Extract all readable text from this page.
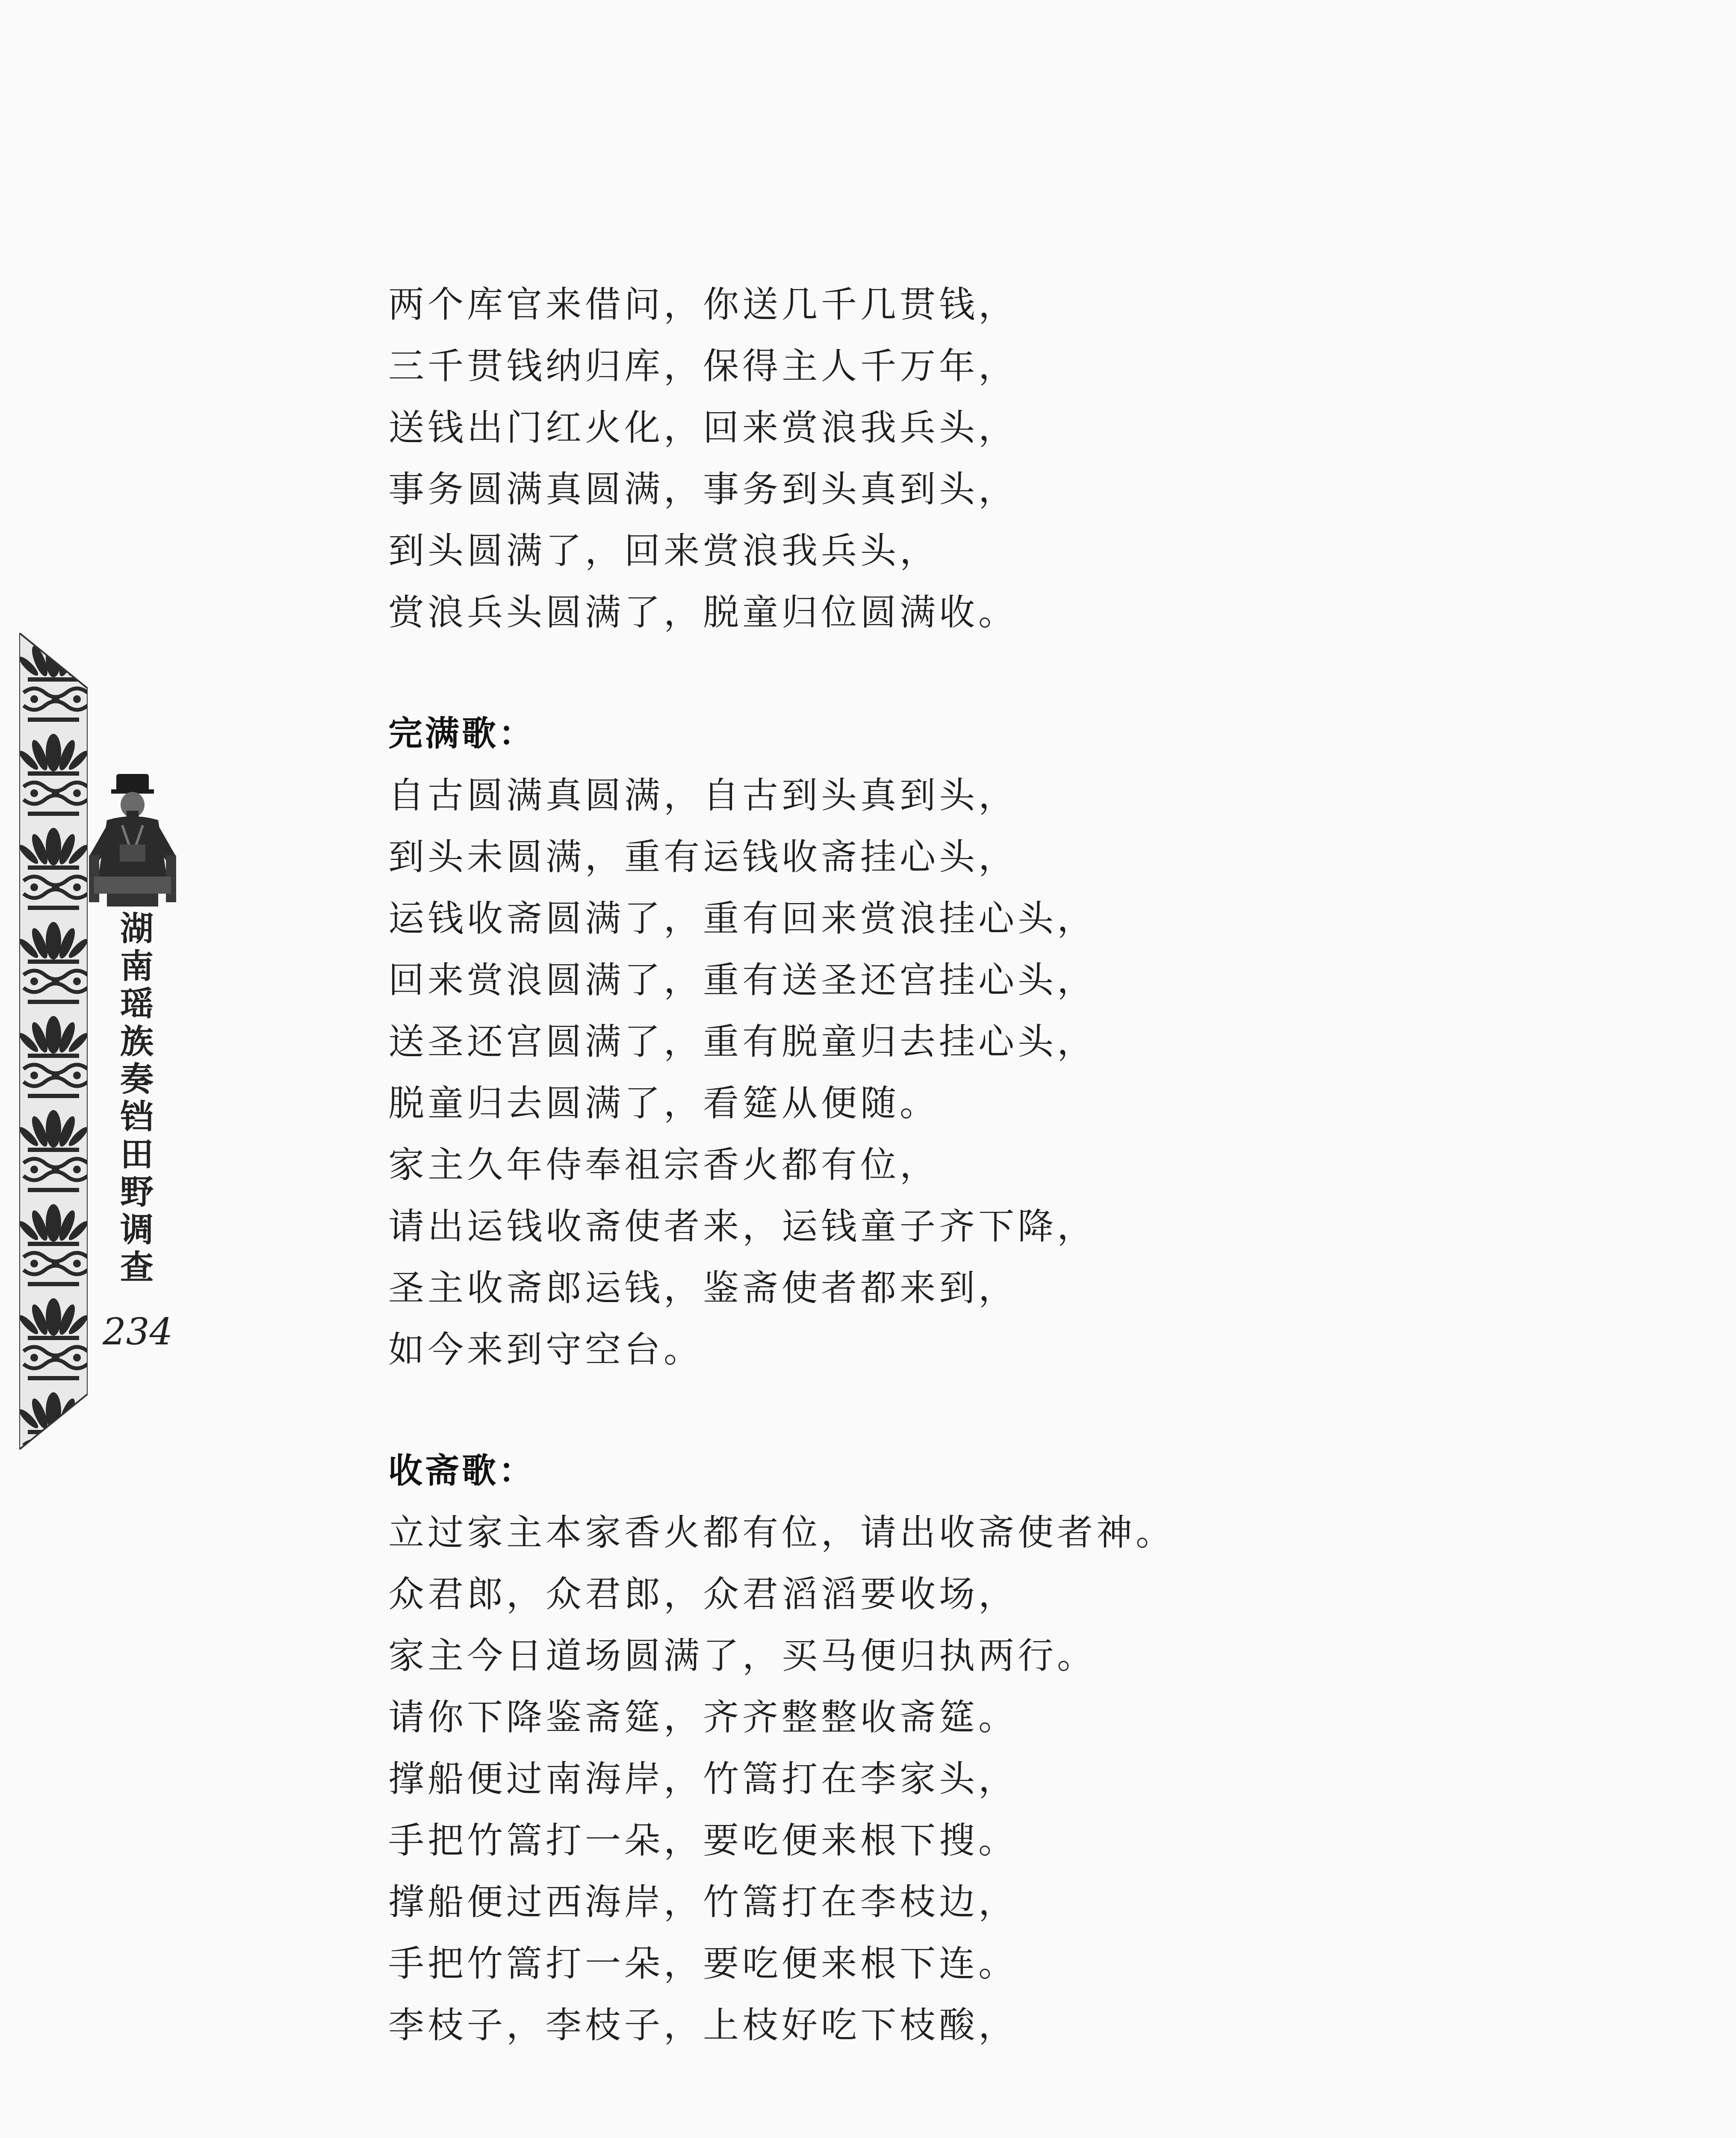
湖南瑶族奏铛田野调查
234
两个库官来借问，你送几千几贯钱，
三千贯钱纳归库，保得主人千万年，
送钱出门红火化，回来赏浪我兵头，
事务圆满真圆满，事务到头真到头，
到头圆满了，回来赏浪我兵头，
赏浪兵头圆满了，脱童归位圆满收。
完满歌：
自古圆满真圆满，自古到头真到头，
到头未圆满，重有运钱收斋挂心头，
运钱收斋圆满了，重有回来赏浪挂心头，
回来赏浪圆满了，重有送圣还宫挂心头，
送圣还宫圆满了，重有脱童归去挂心头，
脱童归去圆满了，看筵从便随。
家主久年侍奉祖宗香火都有位，
请出运钱收斋使者来，运钱童子齐下降，
圣主收斋郎运钱，鉴斋使者都来到，
如今来到守空台。
收斋歌：
立过家主本家香火都有位，请出收斋使者神。
众君郎，众君郎，众君滔滔要收场，
家主今日道场圆满了，买马便归执两行。
请你下降鉴斋筵，齐齐整整收斋筵。
撑船便过南海岸，竹篙打在李家头，
手把竹篙打一朵，要吃便来根下搜。
撑船便过西海岸，竹篙打在李枝边，
手把竹篙打一朵，要吃便来根下连。
李枝子，李枝子，上枝好吃下枝酸，
